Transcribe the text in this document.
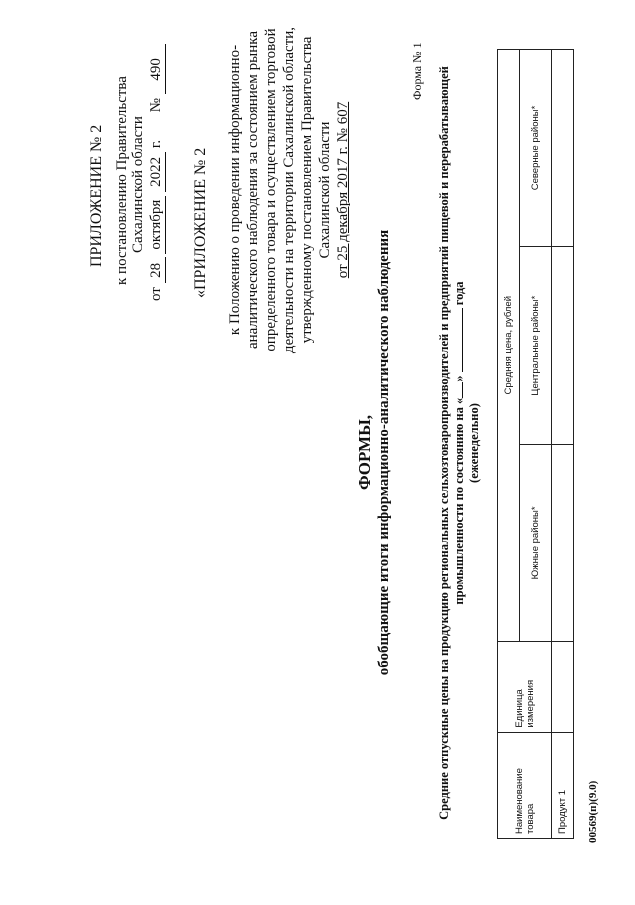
ПРИЛОЖЕНИЕ № 2 к постановлению Правительства Сахалинской области
от 28 октября 2022 г.  № 490
«ПРИЛОЖЕНИЕ № 2 к Положению о проведении информационно- аналитического наблюдения за состоянием рынка определенного товара и осуществлением торговой деятельности на территории Сахалинской области, утвержденному постановлением Правительства Сахалинской области от 25 декабря 2017 г. № 607
Форма № 1
ФОРМЫ, обобщающие итоги информационно-аналитического наблюдения	Средние отпускные цены на продукцию региональных сельхозтоваропроизводителей и предприятий пищевой и перерабатывающей промышленности по состоянию на «»  года
(еженедельно)
Наименование товара	Единица измерения	Средняя цена, рублей		
		Южные районы*	Центральные районы*	Северные районы*
Продукт 1				00569(п)(9.0)
